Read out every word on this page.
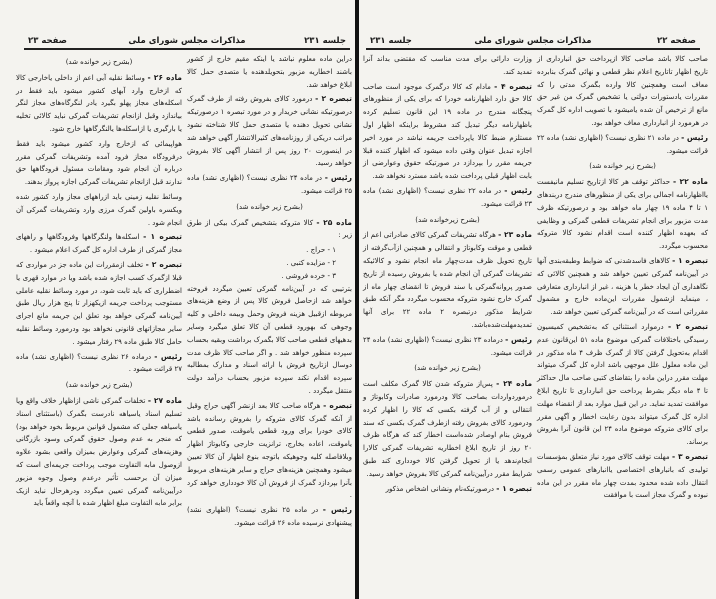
جلسه ۲۳۱
مذاکرات مجلس شورای ملی
صفحه ۲۳

دراین ماده معلوم نباشد یا اینکه مقیم خارج از کشور باشند اخطاریه مزبور بتحویلدهنده یا متصدی حمل کالا ابلاغ خواهد شد.

تبصره ۲ - درمورد کالای بفروش رفته از طرف گمرک درصورتیکه نشانی خریدار و در مورد تبصره ۱ درصورتیکه نشانی تحویل دهنده یا متصدی حمل کالا شناخته نشود مراتب دریکی از روزنامه‌های کثیرالانتشار آگهی خواهد شد در اینصورت ۲۰ روز پس از انتشار آگهی کالا بفروش خواهد رسید.

رئیس - در ماده ۲۴ نظری نیست؟ (اظهاری نشد) ماده ۲۵ قرائت میشود.

(بشرح زیر خوانده شد)

ماده ۲۵ - کالا متروکه بتشخیص گمرک بیکی از طرق زیر :

۱ - حراج .

۲ - مزایده کتبی .

۳ - خرده فروشی .

بترتیبی که در آیین‌نامه گمرکی تعیین میگردد فروخته خواهد شد ازحاصل فروش کالا پس از وضع هزینه‌های مربوطه ازقبیل هزینه فروش وحمل وبیمه داخلی و کلیه وجوهی که بهورود قطعی آن کالا تعلق میگیرد وسایر بدهیهای قطعی صاحب کالا بگمرک برداشت وبقیه بحساب سپرده منظور خواهد شد . و اگر صاحب کالا ظرف مدت دوسال ازتاریخ فروش با ارائه اسناد و مدارک بمطالبه سپرده اقدام نکند سپرده مزبور بحساب درآمد دولت منتقل میگردد .

تبصره - هرگاه صاحب کالا بعد ازنشر آگهی حراج وقبل از آنکه گمرک کالای متروکه را بفروش رسانده باشد کالای خودرا برای ورود قطعی یاموقت، صدور قطعی یاموقت، اعاده بخارج، ترانزیت خارجی وکابوتاژ اظهار وبلافاصله کلیه وجوهیکه باتوجه بنوع اظهار آن کالا تعیین میشود وهمچنین هزینه‌های حراج و سایر هزینه‌های مربوط بآنرا بپردازد گمرک از فروش آن کالا خودداری خواهد کرد .

رئیس - در ماده ۲۵ نظری نیست؟ (اظهاری نشد) پیشنهادی نرسیده ماده ۲۶ قرائت میشود.

(بشرح زیر خوانده شد)

ماده ۲۶ - وسائط نقلیه آبی اعم از داخلی یاخارجی کالا که ازخارج وارد آبهای کشور میشود باید فقط در اسکله‌های مجاز پهلو بگیرد یادر لنگرگاه‌های مجاز لنگر بیاندازد وقبل ازانجام تشریفات گمرکی نباید کالائی تخلیه یا بارگیری یا ازاسکله‌ها یالنگرگاهها خارج شود.

هواپیمائی که ازخارج وارد کشور میشود باید فقط درفرودگاه مجاز فرود آمده وتشریفات گمرکی مقرر درباره آن انجام شود ومقامات مسئول فرودگاهها حق ندارند قبل ازانجام تشریفات گمرکی اجازه پرواز بدهند.

وسائط نقلیه زمینی باید ازراههای مجاز وارد کشور شده ویکسره باولین گمرک مرزی وارد وتشریفات گمرکی آن انجام شود .

تبصره ۱ - اسکله‌ها ولنگرگاهها وفرودگاهها و راههای مجاز گمرکی از طرف اداره کل گمرک اعلام میشود .

تبصره ۲ - تخلف ازمقررات این ماده جز در مواردی که قبلا ازگمرک کسب اجازه شده باشد ویا در موارد قهری یا اضطراری که باید ثابت شود، در مورد وسائط نقلیه عاملی مستوجب پرداخت جریمه ازیکهزار تا پنج هزار ریال طبق آیین‌نامه گمرکی خواهد بود تعلق این جریمه مانع اجرای سایر مجازاتهای قانونی نخواهد بود ودرمورد وسائط نقلیه حامل کالا طبق ماده ۲۹ رفتار میشود .

رئیس - درماده ۲۶ نظری نیست؟ (اظهاری نشد) ماده ۲۷ قرائت میشود .

(بشرح زیر خوانده شد)

ماده ۲۷ - تخلفات گمرکی ناشی ازاظهار خلاف واقع ویا تسلیم اسناد یاسیاهه نادرست بگمرک (باستثنای اسناد یاسیاهه جعلی که مشمول قوانین مربوط بخود خواهد بود) که منجر به عدم وصول حقوق گمرکی وسود بازرگانی وهزینه‌های گمرکی وعوارض بمیزان واقعی بشود علاوه ازوصول مابه التفاوت موجب پرداخت جریمه‌ای است که میزان آن برحسب تأثیر درعدم وصول وجوه مزبور درآیین‌نامه گمرکی تعیین میگردد ودرهرحال نباید ازیک برابر مابه التفاوت مبلغ اظهار شده با آنچه واقعاً باید

صفحه ۲۲
مذاکرات مجلس شورای ملی
جلسه ۲۳۱

صاحب کالا باشد صاحب کالا ازپرداخت حق انبارداری از تاریخ اظهار تاتاریخ اعلام نظر قطعی و نهائی گمرک بنابرده معاف است وهمچنین کالا وارده بگمرک مدتی را که مقررات یادستورات دولتی یا تشخیص گمرک من غیر حق مانع از ترخیص آن شده یامیشود با تصویب اداره کل گمرک در هرمورد از انبارداری معاف خواهد بود.

رئیس - در ماده ۲۱ نظری نیست؟ (اظهاری نشد) ماده ۲۲ قرائت میشود.

(بشرح زیر خوانده شد)

ماده ۲۲ - حداکثر توقف هر کالا ازتاریخ تسلیم مانیفست یااظهارنامه اجمالی برای یکی از منظورهای مندرج دربندهای ۱ تا ۴ ماده ۱۹ چهار ماه خواهد بود و درصورتیکه ظرف مدت مزبور برای انجام تشریفات قطعی گمرکی و وظایفی که بعهده اظهار کننده است اقدام نشود کالا متروکه محسوب میگردد.

تبصره ۱ - کالاهای فاسدشدنی که ضوابط وطبقه‌بندی آنها در آیین‌نامه گمرکی تعیین خواهد شد و همچنین کالائی که نگاهداری آن ایجاد خطر یا هزینه ، غیر از انبارداری متعارفی ، مینماید ازشمول مقررات این‌ماده خارج و مشمول مقرراتی است که در آیین‌نامه گمرکی تعیین خواهد شد.

تبصره ۲ - درموارد استثنائی که به‌تشخیص کمیسیون رسیدگی باختلافات گمرکی موضوع ماده ۵۱ این‌قانون عدم اقدام به‌تحویل گرفتن کالا از گمرک ظرف ۴ ماه مذکور در این ماده معلول علل موجهی باشد اداره کل گمرک میتواند مهلت مقرر دراین ماده را بتقاضای کتبی صاحب مال حداکثر تا ۴ ماه دیگر بشرط پرداخت حق انبارداری تا تاریخ ابلاغ موافقت تمدید نماید. در این قبیل موارد بعد از انقضاء مهلت اداره کل گمرک میتواند بدون رعایت اخطار و آگهی مقرر برای کالای متروکه موضوع ماده ۲۴ این قانون آنرا بفروش برساند.

تبصره ۳ - مهلت توقف کالای مورد نیاز متعلق بمؤسسات تولیدی که بانبارهای اختصاصی یاانبارهای عمومی رسمی انتقال داده شده محدود بمدت چهار ماه مقرر در این ماده نبوده و گمرک مجاز است با موافقت

وزارت دارائی برای مدت مناسب که مقتضی بداند آنرا تمدید کند.

تبصره ۴ - مادام که کالا درگمرک موجود است صاحب کالا حق دارد اظهارنامه خودرا که برای یکی از منظورهای پنجگانه مندرج در ماده ۱۹ این قانون تسلیم کرده باظهارنامه دیگر تبدیل کند مشروط براینکه اظهار اول مستلزم ضبط کالا یاپرداخت جریمه نباشد در مورد اخیر اجازه تبدیل عنوان وقتی داده میشود که اظهار کننده قبلا جریمه مقرر را بپردازد در صورتیکه حقوق وعوارضی از بابت اظهار قبلی پرداخت شده باشد مسترد نخواهد شد.

رئیس - در ماده ۲۲ نظری نیست؟ (اظهاری نشد) ماده ۲۳ قرائت میشود.

(بشرح زیرخوانده شد)

ماده ۲۳ - هرگاه تشریفات گمرکی کالای صادراتی اعم از قطعی و موقت وکابوتاژ و انتقالی و همچنین ازآب‌گرفته از تاریخ تحویل ظرف مدت‌چهار ماه انجام نشود و کالائیکه تشریفات گمرکی آن انجام شده یا بفروش رسیده از تاریخ صدور پروانه‌گمرکی یا سند فروش تا انقضای چهار ماه از گمرک خارج نشود متروکه محسوب میگردد مگر آنکه طبق شرایط مذکور درتبصره ۲ ماده ۲۲ برای آنها تمدیدمهلت‌شده‌باشد.

رئیس - درماده ۲۳ نظری نیست؟ (اظهاری نشد) ماده ۲۴ قرائت میشود.

(بشرح زیر خوانده شد)

ماده ۲۴ - پس‌از متروکه شدن کالا گمرک مکلف است درموردواردات بصاحب کالا ودرمورد صادرات وکابوتاژ و انتقالی و از آب گرفته بکسی که کالا را اظهار کرده ودرمورد کالای بفروش رفته ازطرف گمرک بکسی که سند فروش بنام اوصادر شده‌است اخطار کند که هرگاه ظرف ۲۰ روز از تاریخ ابلاغ اخطاریه تشریفات گمرکی کالارا انجام‌ندهد یا از تحویل گرفتن کالا خودداری کند طبق شرایط مقرر درآیین‌نامه گمرکی کالا بفروش خواهد رسید.

تبصره ۱ - درصورتیکه‌نام ونشانی اشخاص مذکور
